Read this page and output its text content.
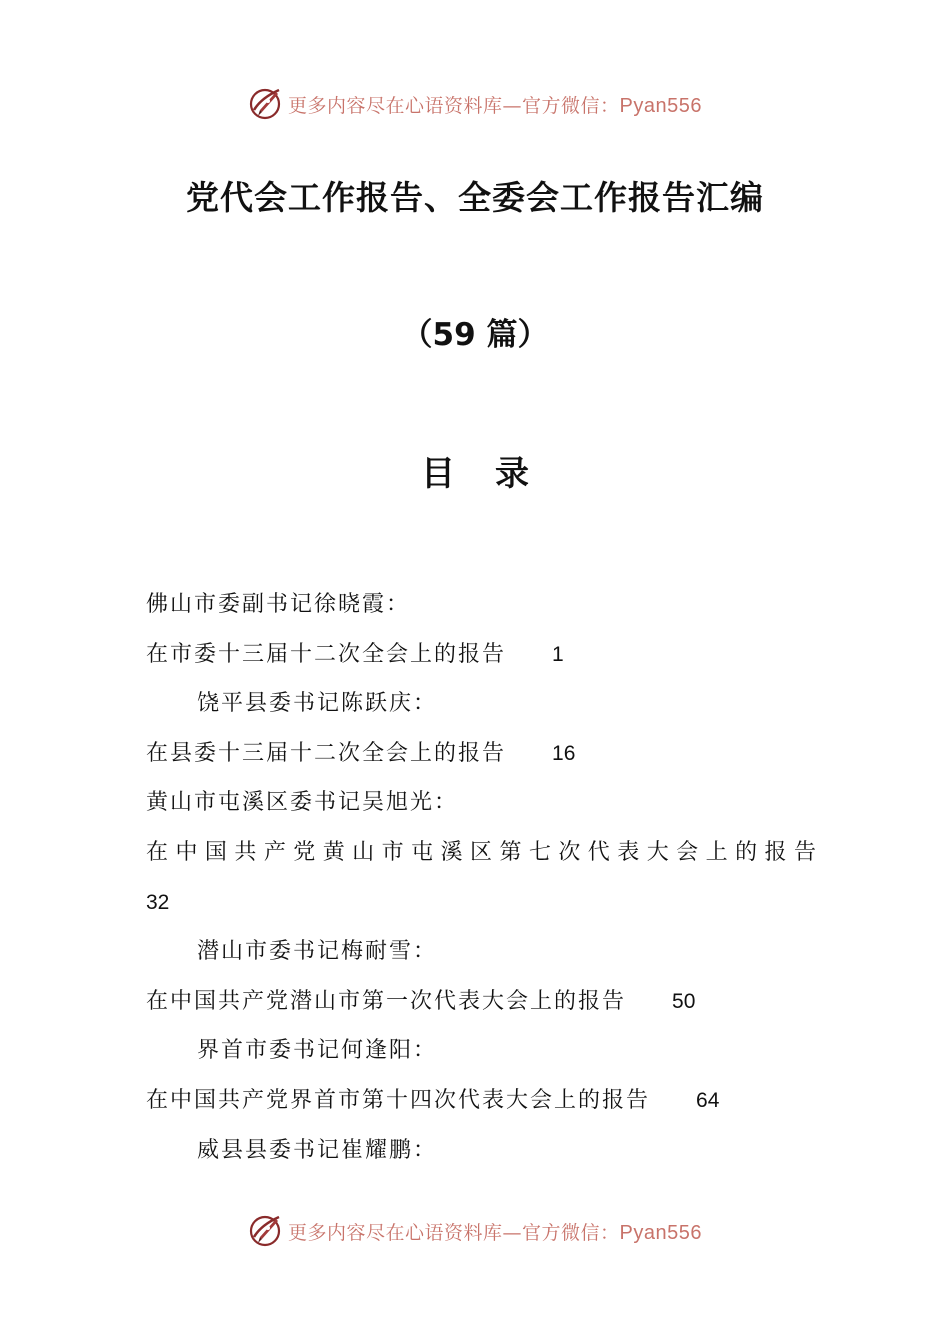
更多内容尽在心语资料库—官方微信：Pyan556
党代会工作报告、全委会工作报告汇编
（59 篇）
目 录
佛山市委副书记徐晓霞：
在市委十三届十二次全会上的报告 1
饶平县委书记陈跃庆：
在县委十三届十二次全会上的报告 16
黄山市屯溪区委书记吴旭光：
在 中 国 共 产 党 黄 山 市 屯 溪 区 第 七 次 代 表 大 会 上 的 报 告
32
潜山市委书记梅耐雪：
在中国共产党潜山市第一次代表大会上的报告 50
界首市委书记何逢阳：
在中国共产党界首市第十四次代表大会上的报告 64
威县县委书记崔耀鹏：
更多内容尽在心语资料库—官方微信：Pyan556
